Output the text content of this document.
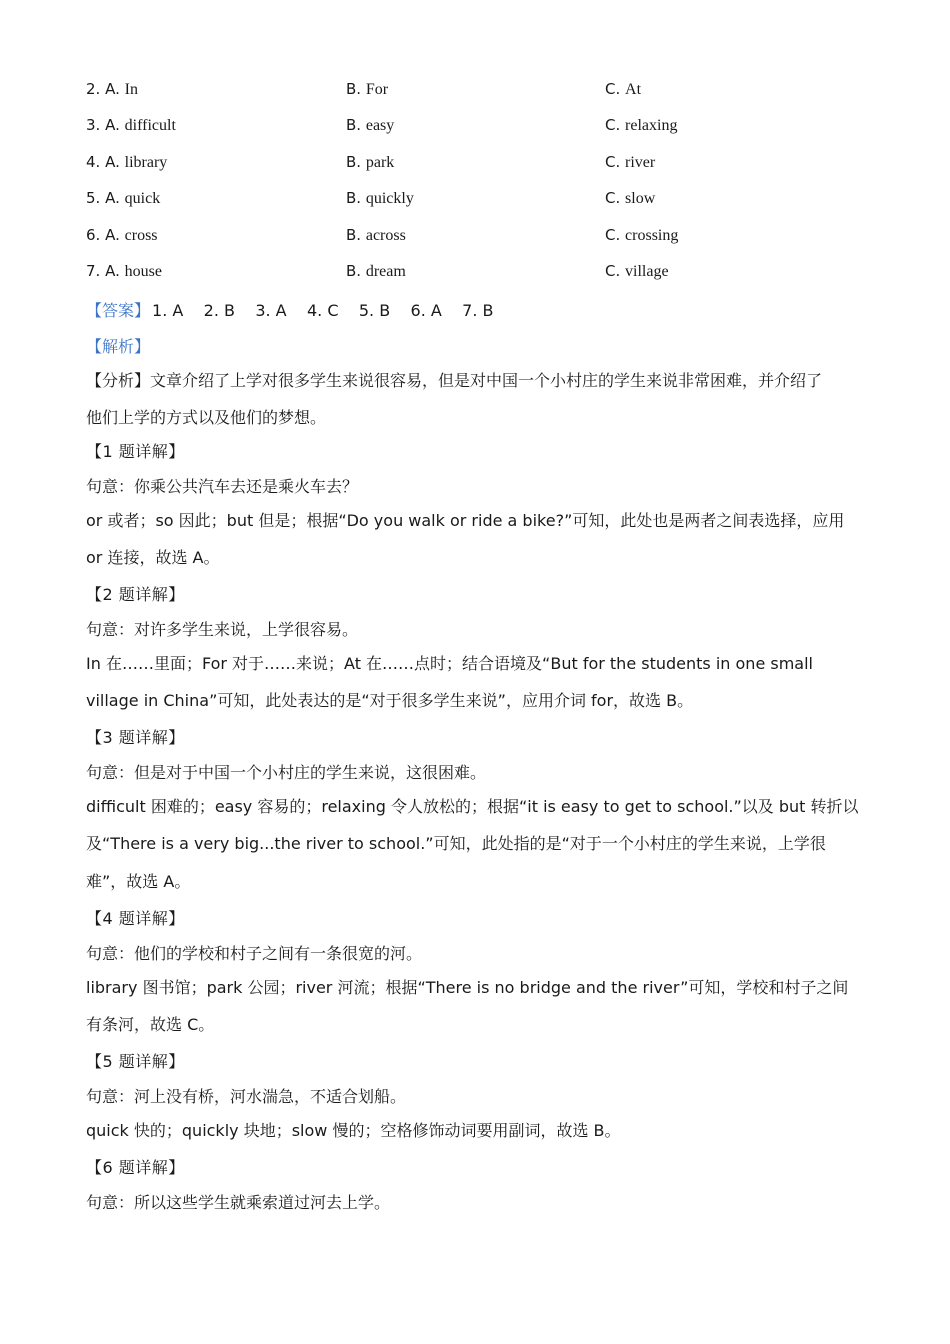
2. A. In	B. For	C. At
3. A. difficult	B. easy	C. relaxing
4. A. library	B. park	C. river
5. A. quick	B. quickly	C. slow
6. A. cross	B. across	C. crossing
7. A. house	B. dream	C. village
【答案】 1. A    2. B    3. A    4. C    5. B    6. A    7. B
【解析】
【分析】文章介绍了上学对很多学生来说很容易，但是对中国一个小村庄的学生来说非常困难，并介绍了
他们上学的方式以及他们的梦想。
【1 题详解】
句意：你乘公共汽车去还是乘火车去？
or 或者；so 因此；but 但是；根据“Do you walk or ride a bike?”可知，此处也是两者之间表选择，应用
or 连接，故选 A。
【2 题详解】
句意：对许多学生来说，上学很容易。
In 在……里面；For 对于……来说；At 在……点时；结合语境及“But for the students in one small
village in China”可知，此处表达的是“对于很多学生来说”，应用介词 for，故选 B。
【3 题详解】
句意：但是对于中国一个小村庄的学生来说，这很困难。
difficult 困难的；easy 容易的；relaxing 令人放松的；根据“it is easy to get to school.”以及 but 转折以
及“There is a very big...the river to school.”可知，此处指的是“对于一个小村庄的学生来说，上学很
难”，故选 A。
【4 题详解】
句意：他们的学校和村子之间有一条很宽的河。
library 图书馆；park 公园；river 河流；根据“There is no bridge and the river”可知，学校和村子之间
有条河，故选 C。
【5 题详解】
句意：河上没有桥，河水湍急，不适合划船。
quick 快的；quickly 块地；slow 慢的；空格修饰动词要用副词，故选 B。
【6 题详解】
句意：所以这些学生就乘索道过河去上学。
